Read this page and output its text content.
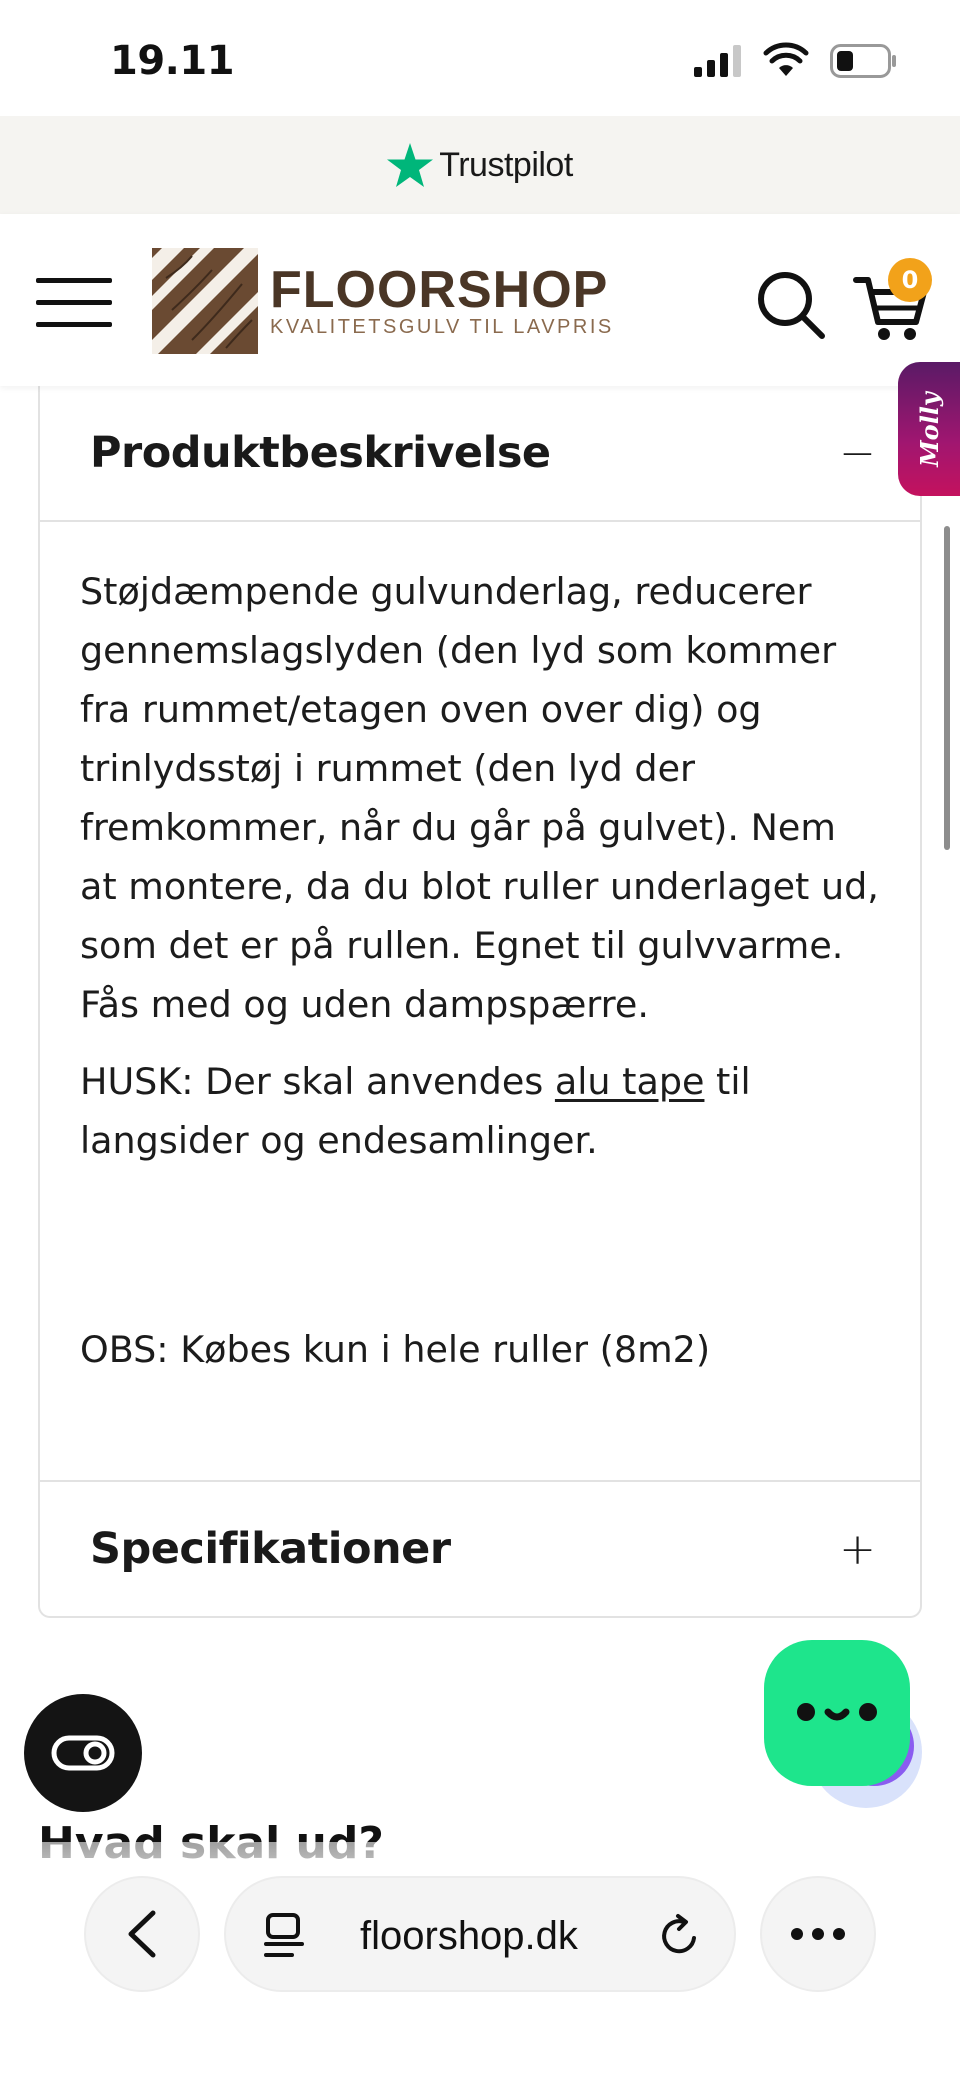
19.11
Trustpilot
FLOORSHOP
KVALITETSGULV TIL LAVPRIS
0
Molly
Produktbeskrivelse	−

Støjdæmpende gulvunderlag, reducerer gennemslagslyden (den lyd som kommer fra rummet/etagen oven over dig) og trinlydsstøj i rummet (den lyd der fremkommer, når du går på gulvet). Nem at montere, da du blot ruller underlaget ud, som det er på rullen. Egnet til gulvvarme. Fås med og uden dampspærre.

HUSK: Der skal anvendes alu tape til langsider og endesamlinger.

OBS: Købes kun i hele ruller (8m2)

Specifikationer	+
floorshop.dk
